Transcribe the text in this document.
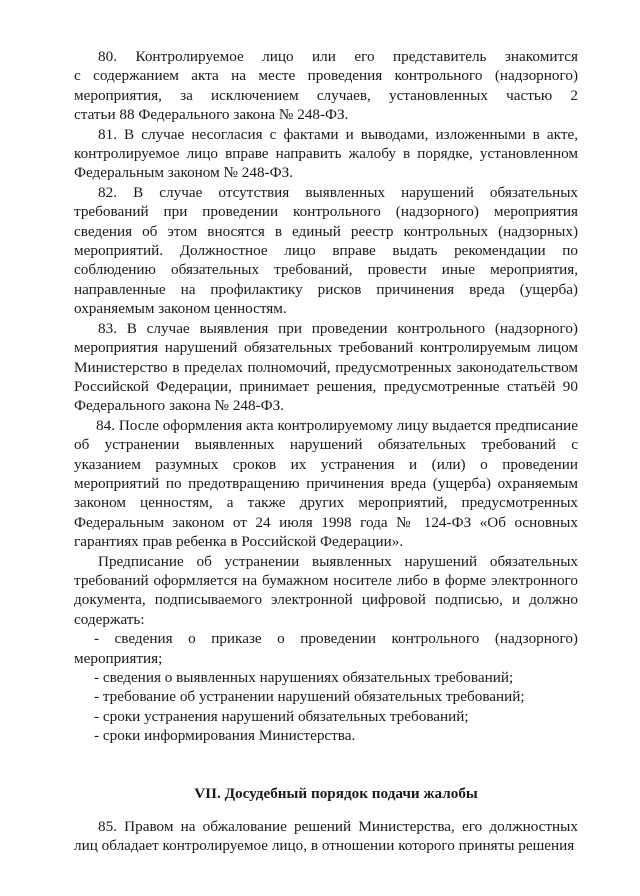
80. Контролируемое лицо или его представитель знакомится

с содержанием акта на месте проведения контрольного (надзорного)

мероприятия, за исключением случаев, установленных частью 2

статьи 88 Федерального закона № 248-ФЗ.

81. В случае несогласия с фактами и выводами, изложенными в акте, контролируемое лицо вправе направить жалобу в порядке, установленном Федеральным законом № 248-ФЗ.

82. В случае отсутствия выявленных нарушений обязательных требований при проведении контрольного (надзорного) мероприятия сведения об этом вносятся в единый реестр контрольных (надзорных) мероприятий. Должностное лицо вправе выдать рекомендации по соблюдению обязательных требований, провести иные мероприятия, направленные на профилактику рисков причинения вреда (ущерба) охраняемым законом ценностям.

83. В случае выявления при проведении контрольного (надзорного) мероприятия нарушений обязательных требований контролируемым лицом Министерство в пределах полномочий, предусмотренных законодательством Российской Федерации, принимает решения, предусмотренные статьёй 90 Федерального закона № 248-ФЗ.

84. После оформления акта контролируемому лицу выдается предписание об устранении выявленных нарушений обязательных требований с указанием разумных сроков их устранения и (или) о проведении мероприятий по предотвращению причинения вреда (ущерба) охраняемым законом ценностям, а также других мероприятий, предусмотренных Федеральным законом от 24 июля 1998 года № 124-ФЗ «Об основных гарантиях прав ребенка в Российской Федерации».

Предписание об устранении выявленных нарушений обязательных требований оформляется на бумажном носителе либо в форме электронного документа, подписываемого электронной цифровой подписью, и должно содержать:

- сведения о приказе о проведении контрольного (надзорного) мероприятия;

- сведения о выявленных нарушениях обязательных требований;

- требование об устранении нарушений обязательных требований;

- сроки устранения нарушений обязательных требований;

- сроки информирования Министерства.

VII. Досудебный порядок подачи жалобы

85. Правом на обжалование решений Министерства, его должностных лиц обладает контролируемое лицо, в отношении которого приняты решения
